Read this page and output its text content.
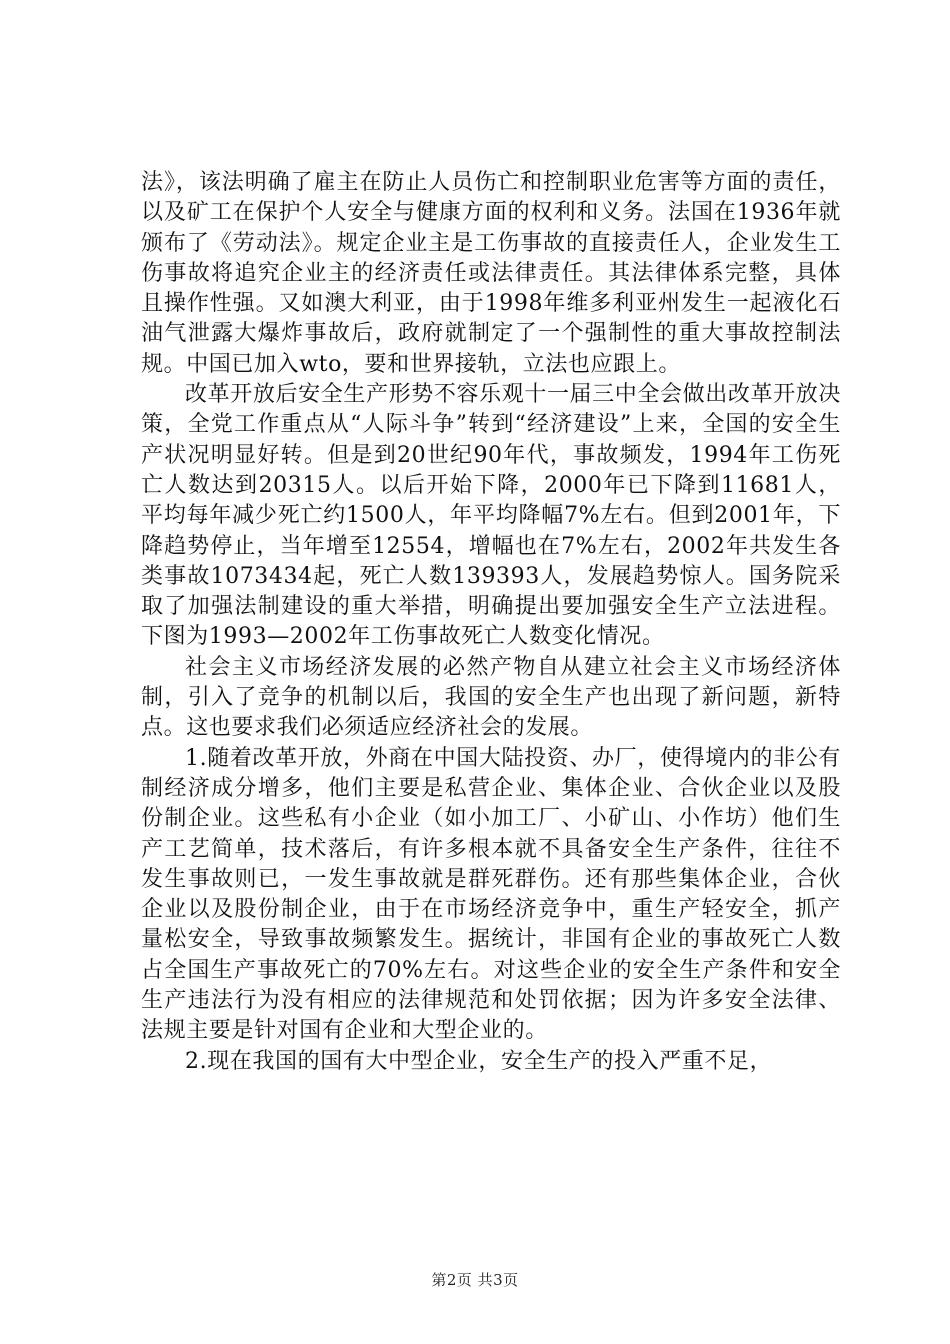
法》，该法明确了雇主在防止人员伤亡和控制职业危害等方面的责任，以及矿工在保护个人安全与健康方面的权利和义务。法国在1936年就颁布了《劳动法》。规定企业主是工伤事故的直接责任人，企业发生工伤事故将追究企业主的经济责任或法律责任。其法律体系完整，具体且操作性强。又如澳大利亚，由于1998年维多利亚州发生一起液化石油气泄露大爆炸事故后，政府就制定了一个强制性的重大事故控制法规。中国已加入wto，要和世界接轨，立法也应跟上。

改革开放后安全生产形势不容乐观十一届三中全会做出改革开放决策，全党工作重点从“人际斗争”转到“经济建设”上来，全国的安全生产状况明显好转。但是到20世纪90年代，事故频发，1994年工伤死亡人数达到20315人。以后开始下降，2000年已下降到11681人，平均每年减少死亡约1500人，年平均降幅7%左右。但到2001年，下降趋势停止，当年增至12554，增幅也在7%左右，2002年共发生各类事故1073434起，死亡人数139393人，发展趋势惊人。国务院采取了加强法制建设的重大举措，明确提出要加强安全生产立法进程。下图为1993—2002年工伤事故死亡人数变化情况。

社会主义市场经济发展的必然产物自从建立社会主义市场经济体制，引入了竞争的机制以后，我国的安全生产也出现了新问题，新特点。这也要求我们必须适应经济社会的发展。

1.随着改革开放，外商在中国大陆投资、办厂，使得境内的非公有制经济成分增多，他们主要是私营企业、集体企业、合伙企业以及股份制企业。这些私有小企业（如小加工厂、小矿山、小作坊）他们生产工艺简单，技术落后，有许多根本就不具备安全生产条件，往往不发生事故则已，一发生事故就是群死群伤。还有那些集体企业，合伙企业以及股份制企业，由于在市场经济竞争中，重生产轻安全，抓产量松安全，导致事故频繁发生。据统计，非国有企业的事故死亡人数占全国生产事故死亡的70%左右。对这些企业的安全生产条件和安全生产违法行为没有相应的法律规范和处罚依据；因为许多安全法律、法规主要是针对国有企业和大型企业的。

2.现在我国的国有大中型企业，安全生产的投入严重不足，

第2页 共3页
